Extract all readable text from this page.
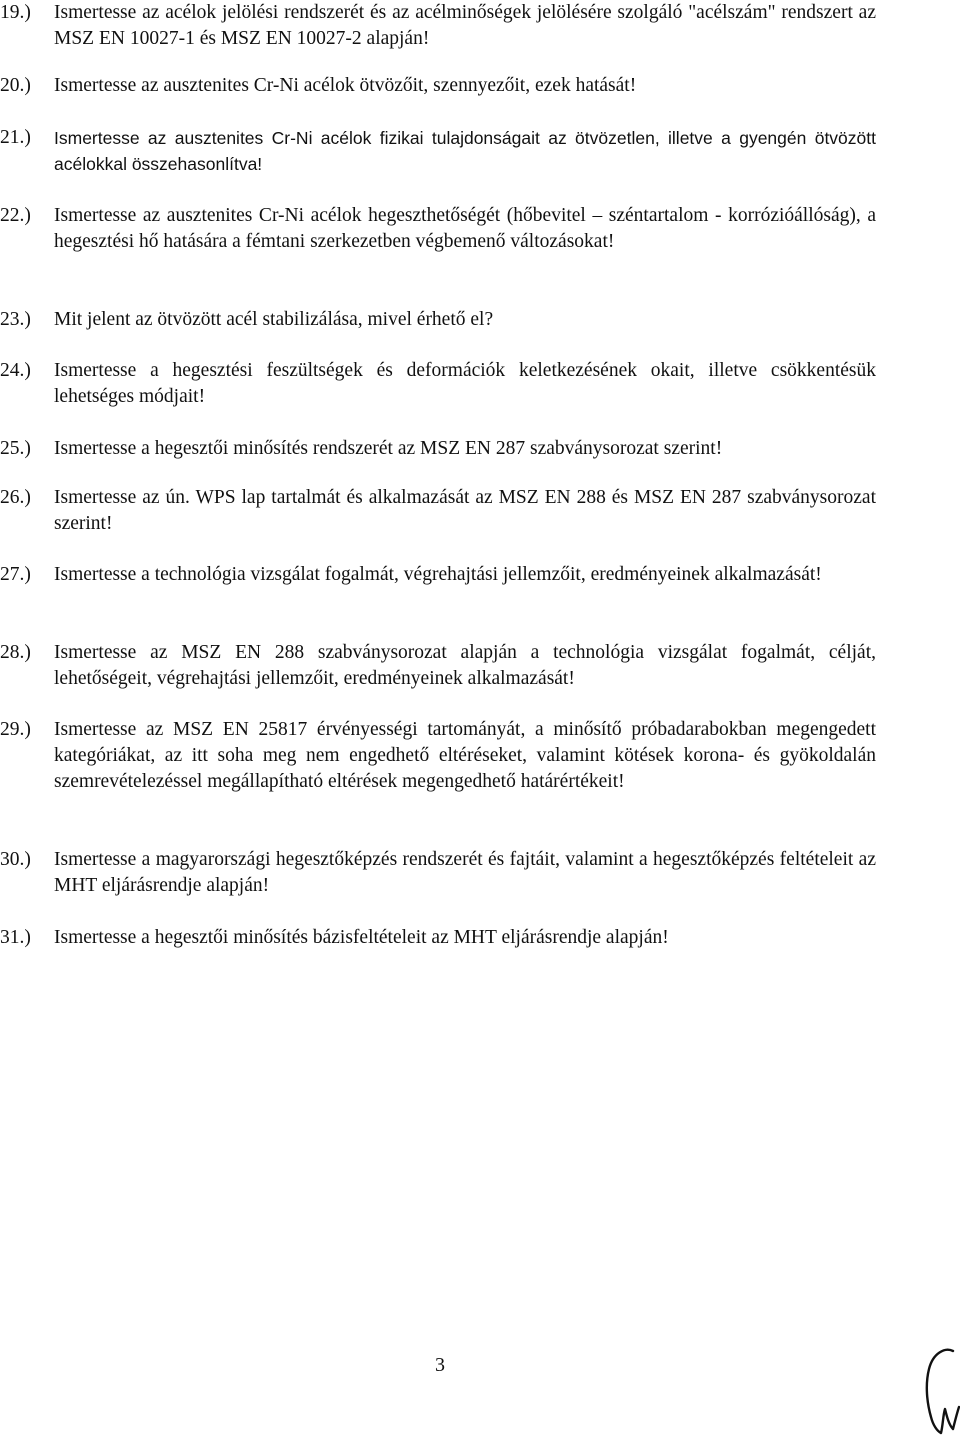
19.)	Ismertesse az acélok jelölési rendszerét és az acélminőségek jelölésére szolgáló "acélszám" rendszert az MSZ EN 10027-1 és MSZ EN 10027-2 alapján!
20.)	Ismertesse az ausztenites Cr-Ni acélok ötvözőit, szennyezőit, ezek hatását!
21.)	Ismertesse az ausztenites Cr-Ni acélok fizikai tulajdonságait az ötvözetlen, illetve a gyengén ötvözött acélokkal összehasonlítva!
22.)	Ismertesse az ausztenites Cr-Ni acélok hegeszthetőségét (hőbevitel – széntartalom - korrózióállóság), a hegesztési hő hatására a fémtani szerkezetben végbemenő változásokat!
23.)	Mit jelent az ötvözött acél stabilizálása, mivel érhető el?
24.)	Ismertesse a hegesztési feszültségek és deformációk keletkezésének okait, illetve csökkentésük lehetséges módjait!
25.)	Ismertesse a hegesztői minősítés rendszerét az MSZ EN 287 szabványsorozat szerint!
26.)	Ismertesse az ún. WPS lap tartalmát és alkalmazását az MSZ EN 288 és MSZ EN 287 szabványsorozat szerint!
27.)	Ismertesse a technológia vizsgálat fogalmát, végrehajtási jellemzőit, eredményeinek alkalmazását!
28.)	Ismertesse az MSZ EN 288 szabványsorozat alapján a technológia vizsgálat fogalmát, célját, lehetőségeit, végrehajtási jellemzőit, eredményeinek alkalmazását!
29.)	Ismertesse az MSZ EN 25817 érvényességi tartományát, a minősítő próbadarabokban megengedett kategóriákat, az itt soha meg nem engedhető eltéréseket, valamint kötések korona- és gyökoldalán szemrevételezéssel megállapítható eltérések megengedhető határértékeit!
30.)	Ismertesse a magyarországi hegesztőképzés rendszerét és fajtáit, valamint a hegesztőképzés feltételeit az MHT eljárásrendje alapján!
31.)	Ismertesse a hegesztői minősítés bázisfeltételeit az MHT eljárásrendje alapján!
3
